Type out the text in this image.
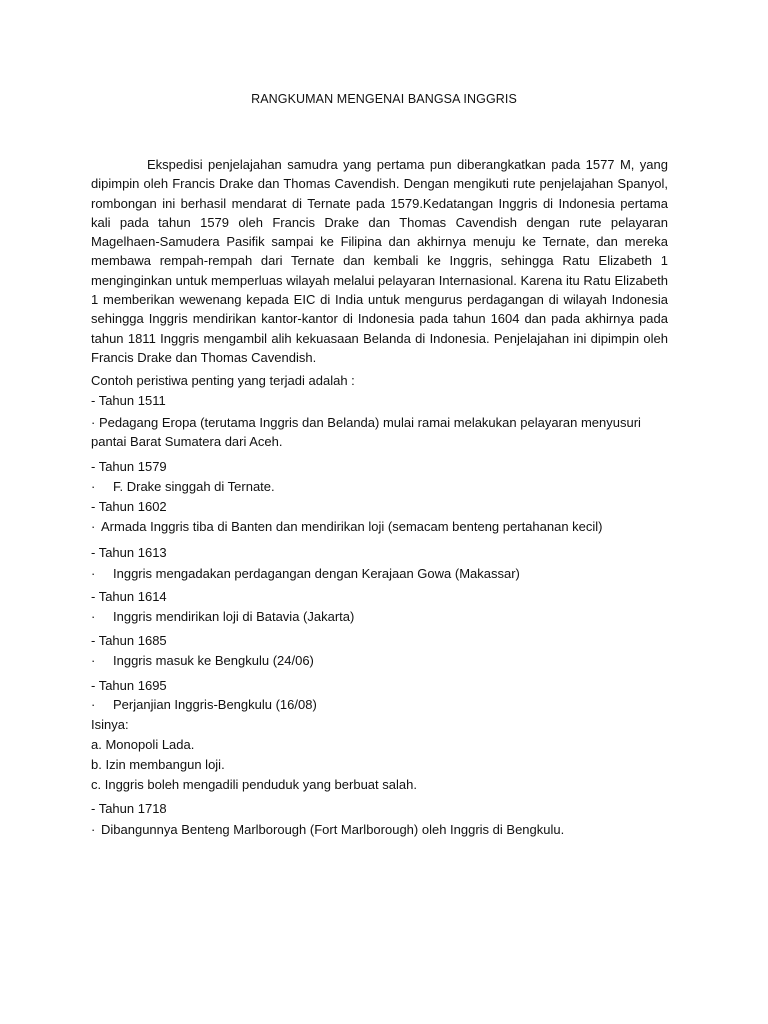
RANGKUMAN MENGENAI BANGSA INGGRIS

Ekspedisi penjelajahan samudra yang pertama pun diberangkatkan pada 1577 M, yang dipimpin oleh Francis Drake dan Thomas Cavendish. Dengan mengikuti rute penjelajahan Spanyol, rombongan ini berhasil mendarat di Ternate pada 1579.Kedatangan Inggris di Indonesia pertama kali pada tahun 1579 oleh Francis Drake dan Thomas Cavendish dengan rute pelayaran Magelhaen-Samudera Pasifik sampai ke Filipina dan akhirnya menuju ke Ternate, dan mereka membawa rempah-rempah dari Ternate dan kembali ke Inggris, sehingga Ratu Elizabeth 1 menginginkan untuk memperluas wilayah melalui pelayaran Internasional. Karena itu Ratu Elizabeth 1 memberikan wewenang kepada EIC di India untuk mengurus perdagangan di wilayah Indonesia sehingga Inggris mendirikan kantor-kantor di Indonesia pada tahun 1604 dan pada akhirnya pada tahun 1811 Inggris mengambil alih kekuasaan Belanda di Indonesia. Penjelajahan ini dipimpin oleh Francis Drake dan Thomas Cavendish.

Contoh peristiwa penting yang terjadi adalah :
- Tahun 1511
· Pedagang Eropa (terutama Inggris dan Belanda) mulai ramai melakukan pelayaran menyusuri pantai Barat Sumatera dari Aceh.
- Tahun 1579
· F. Drake singgah di Ternate.
- Tahun 1602
· Armada Inggris tiba di Banten dan mendirikan loji (semacam benteng pertahanan kecil)
- Tahun 1613
· Inggris mengadakan perdagangan dengan Kerajaan Gowa (Makassar)
- Tahun 1614
· Inggris mendirikan loji di Batavia (Jakarta)
- Tahun 1685
· Inggris masuk ke Bengkulu (24/06)
- Tahun 1695
· Perjanjian Inggris-Bengkulu (16/08)
Isinya:
a. Monopoli Lada.
b. Izin membangun loji.
c. Inggris boleh mengadili penduduk yang berbuat salah.
- Tahun 1718
· Dibangunnya Benteng Marlborough (Fort Marlborough) oleh Inggris di Bengkulu.
